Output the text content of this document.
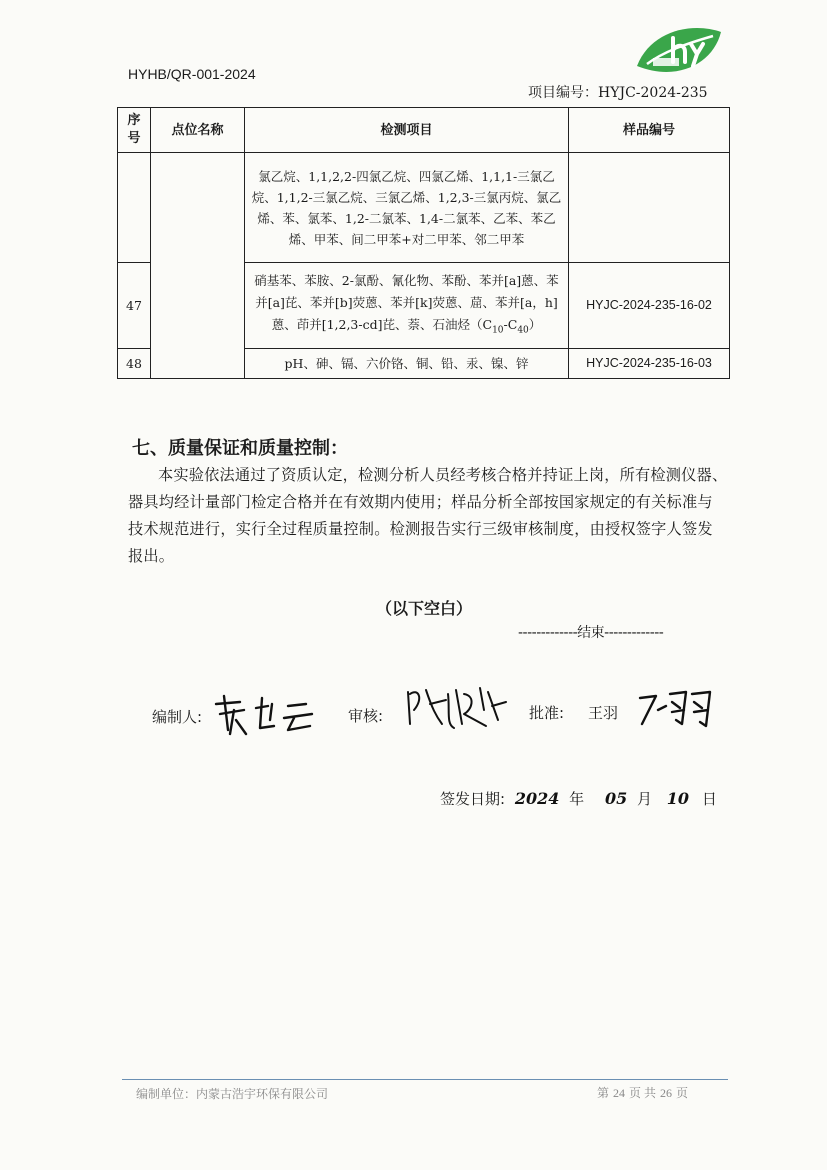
HYHB/QR-001-2024
项目编号：HYJC-2024-235
序号	点位名称	检测项目	样品编号
		氯乙烷、1,1,2,2-四氯乙烷、四氯乙烯、1,1,1-三氯乙烷、1,1,2-三氯乙烷、三氯乙烯、1,2,3-三氯丙烷、氯乙烯、苯、氯苯、1,2-二氯苯、1,4-二氯苯、乙苯、苯乙烯、甲苯、间二甲苯+对二甲苯、邻二甲苯	
47		硝基苯、苯胺、2-氯酚、氰化物、苯酚、苯并[a]蒽、苯并[a]芘、苯并[b]荧蒽、苯并[k]荧蒽、䓛、苯并[a，h]蒽、茚并[1,2,3-cd]芘、萘、石油烃$(C_{10}-C_{40})$	HYJC-2024-235-16-02
48		pH、砷、镉、六价铬、铜、铅、汞、镍、锌	HYJC-2024-235-16-03
七、质量保证和质量控制：
本实验依法通过了资质认定，检测分析人员经考核合格并持证上岗，所有检测仪器、器具均经计量部门检定合格并在有效期内使用；样品分析全部按国家规定的有关标准与技术规范进行，实行全过程质量控制。检测报告实行三级审核制度，由授权签字人签发报出。
（以下空白）
-------------结束-------------
编制人:	审核:	批准: 王羽
签发日期: 2024 年 05 月 10 日
编制单位：内蒙古浩宇环保有限公司	第 24 页 共 26 页
